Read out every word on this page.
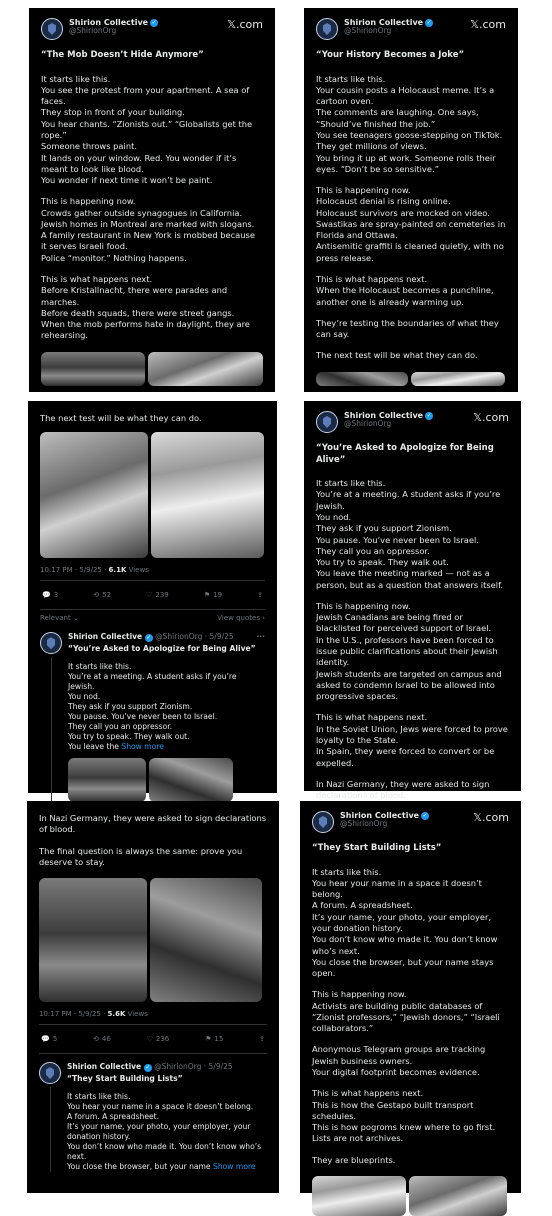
Shirion Collective ✓
@ShirionOrg	𝕏.com
“The Mob Doesn’t Hide Anymore”
It starts like this.
You see the protest from your apartment. A sea of faces.
They stop in front of your building.
You hear chants. “Zionists out.” “Globalists get the rope.”
Someone throws paint.
It lands on your window. Red. You wonder if it’s meant to look like blood.
You wonder if next time it won’t be paint.
This is happening now.
Crowds gather outside synagogues in California.
Jewish homes in Montreal are marked with slogans.
A family restaurant in New York is mobbed because it serves Israeli food.
Police “monitor.” Nothing happens.
This is what happens next.
Before Kristallnacht, there were parades and marches.
Before death squads, there were street gangs.
When the mob performs hate in daylight, they are rehearsing.
Shirion Collective ✓
@ShirionOrg	𝕏.com
“Your History Becomes a Joke”
It starts like this.
Your cousin posts a Holocaust meme. It’s a cartoon oven.
The comments are laughing. One says, “Should’ve finished the job.”
You see teenagers goose-stepping on TikTok. They get millions of views.
You bring it up at work. Someone rolls their eyes. “Don’t be so sensitive.”
This is happening now.
Holocaust denial is rising online.
Holocaust survivors are mocked on video.
Swastikas are spray-painted on cemeteries in Florida and Ottawa.
Antisemitic graffiti is cleaned quietly, with no press release.
This is what happens next.
When the Holocaust becomes a punchline, another one is already warming up.
They’re testing the boundaries of what they can say.
The next test will be what they can do.
The next test will be what they can do.
10:17 PM · 5/9/25 · 6.1K Views
💬 3	⟲ 52	♡ 239	⚑ 19	⇪
Relevant ⌄	View quotes ›
Shirion Collective ✓ @ShirionOrg · 5/9/25	···
“You’re Asked to Apologize for Being Alive”
It starts like this.
You’re at a meeting. A student asks if you’re Jewish.
You nod.
They ask if you support Zionism.
You pause. You’ve never been to Israel.
They call you an oppressor.
You try to speak. They walk out.
You leave the Show more
Shirion Collective ✓
@ShirionOrg	𝕏.com
“You’re Asked to Apologize for Being Alive”
It starts like this.
You’re at a meeting. A student asks if you’re Jewish.
You nod.
They ask if you support Zionism.
You pause. You’ve never been to Israel.
They call you an oppressor.
You try to speak. They walk out.
You leave the meeting marked — not as a person, but as a question that answers itself.
This is happening now.
Jewish Canadians are being fired or blacklisted for perceived support of Israel.
In the U.S., professors have been forced to issue public clarifications about their Jewish identity.
Jewish students are targeted on campus and asked to condemn Israel to be allowed into progressive spaces.
This is what happens next.
In the Soviet Union, Jews were forced to prove loyalty to the State.
In Spain, they were forced to convert or be expelled.
In Nazi Germany, they were asked to sign declarations of blood.
In Nazi Germany, they were asked to sign declarations of blood.
The final question is always the same: prove you deserve to stay.
10:17 PM · 5/9/25 · 5.6K Views
💬 5	⟲ 46	♡ 236	⚑ 15	⇪
Shirion Collective ✓ @ShirionOrg · 5/9/25
“They Start Building Lists”
It starts like this.
You hear your name in a space it doesn’t belong.
A forum. A spreadsheet.
It’s your name, your photo, your employer, your donation history.
You don’t know who made it. You don’t know who’s next.
You close the browser, but your name Show more
Shirion Collective ✓
@ShirionOrg	𝕏.com
“They Start Building Lists”
It starts like this.
You hear your name in a space it doesn’t belong.
A forum. A spreadsheet.
It’s your name, your photo, your employer, your donation history.
You don’t know who made it. You don’t know who’s next.
You close the browser, but your name stays open.
This is happening now.
Activists are building public databases of “Zionist professors,” “Jewish donors,” “Israeli collaborators.”
Anonymous Telegram groups are tracking Jewish business owners.
Your digital footprint becomes evidence.
This is what happens next.
This is how the Gestapo built transport schedules.
This is how pogroms knew where to go first.
Lists are not archives.
They are blueprints.
